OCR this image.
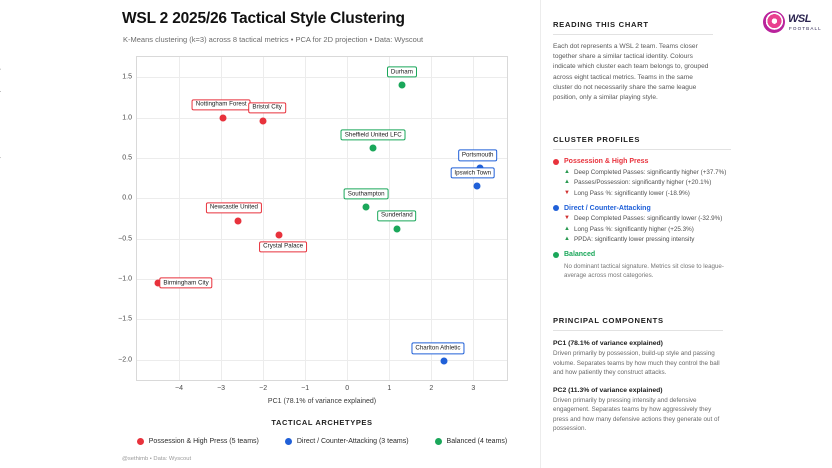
WSL 2 2025/26 Tactical Style Clustering
K-Means clustering (k=3) across 8 tactical metrics • PCA for 2D projection • Data: Wyscout
−2.0
−1.5
−1.0
−0.5
0.0
0.5
1.0
1.5
−4	−3	−2	−1	0	1	2	3
Nottingham Forest Bristol City
Newcastle United
Crystal Palace
Birmingham City
Portsmouth
Ipswich Town
Charlton Athletic
Durham
Sheffield United LFC
Southampton
Sunderland
PC1 (78.1% of variance explained)
TACTICAL ARCHETYPES
Possession & High Press (5 teams)	Direct / Counter-Attacking (3 teams)	Balanced (4 teams)
@sethimb • Data: Wyscout
WSL
FOOTBALL
READING THIS CHART
Each dot represents a WSL 2 team. Teams closer together share a similar tactical identity. Colours indicate which cluster each team belongs to, grouped across eight tactical metrics. Teams in the same cluster do not necessarily share the same league position, only a similar playing style.
CLUSTER PROFILES
Possession & High Press
▲ Deep Completed Passes: significantly higher (+37.7%)
▲ Passes/Possession: significantly higher (+20.1%)
▼ Long Pass %: significantly lower (-18.9%)
Direct / Counter-Attacking
▼ Deep Completed Passes: significantly lower (-32.9%)
▲ Long Pass %: significantly higher (+25.3%)
▲ PPDA: significantly lower pressing intensity
Balanced
No dominant tactical signature. Metrics sit close to league-average across most categories.
PRINCIPAL COMPONENTS
PC1 (78.1% of variance explained)
Driven primarily by possession, build-up style and passing volume. Separates teams by how much they control the ball and how patiently they construct attacks.
PC2 (11.3% of variance explained)
Driven primarily by pressing intensity and defensive engagement. Separates teams by how aggressively they press and how many defensive actions they generate out of possession.
